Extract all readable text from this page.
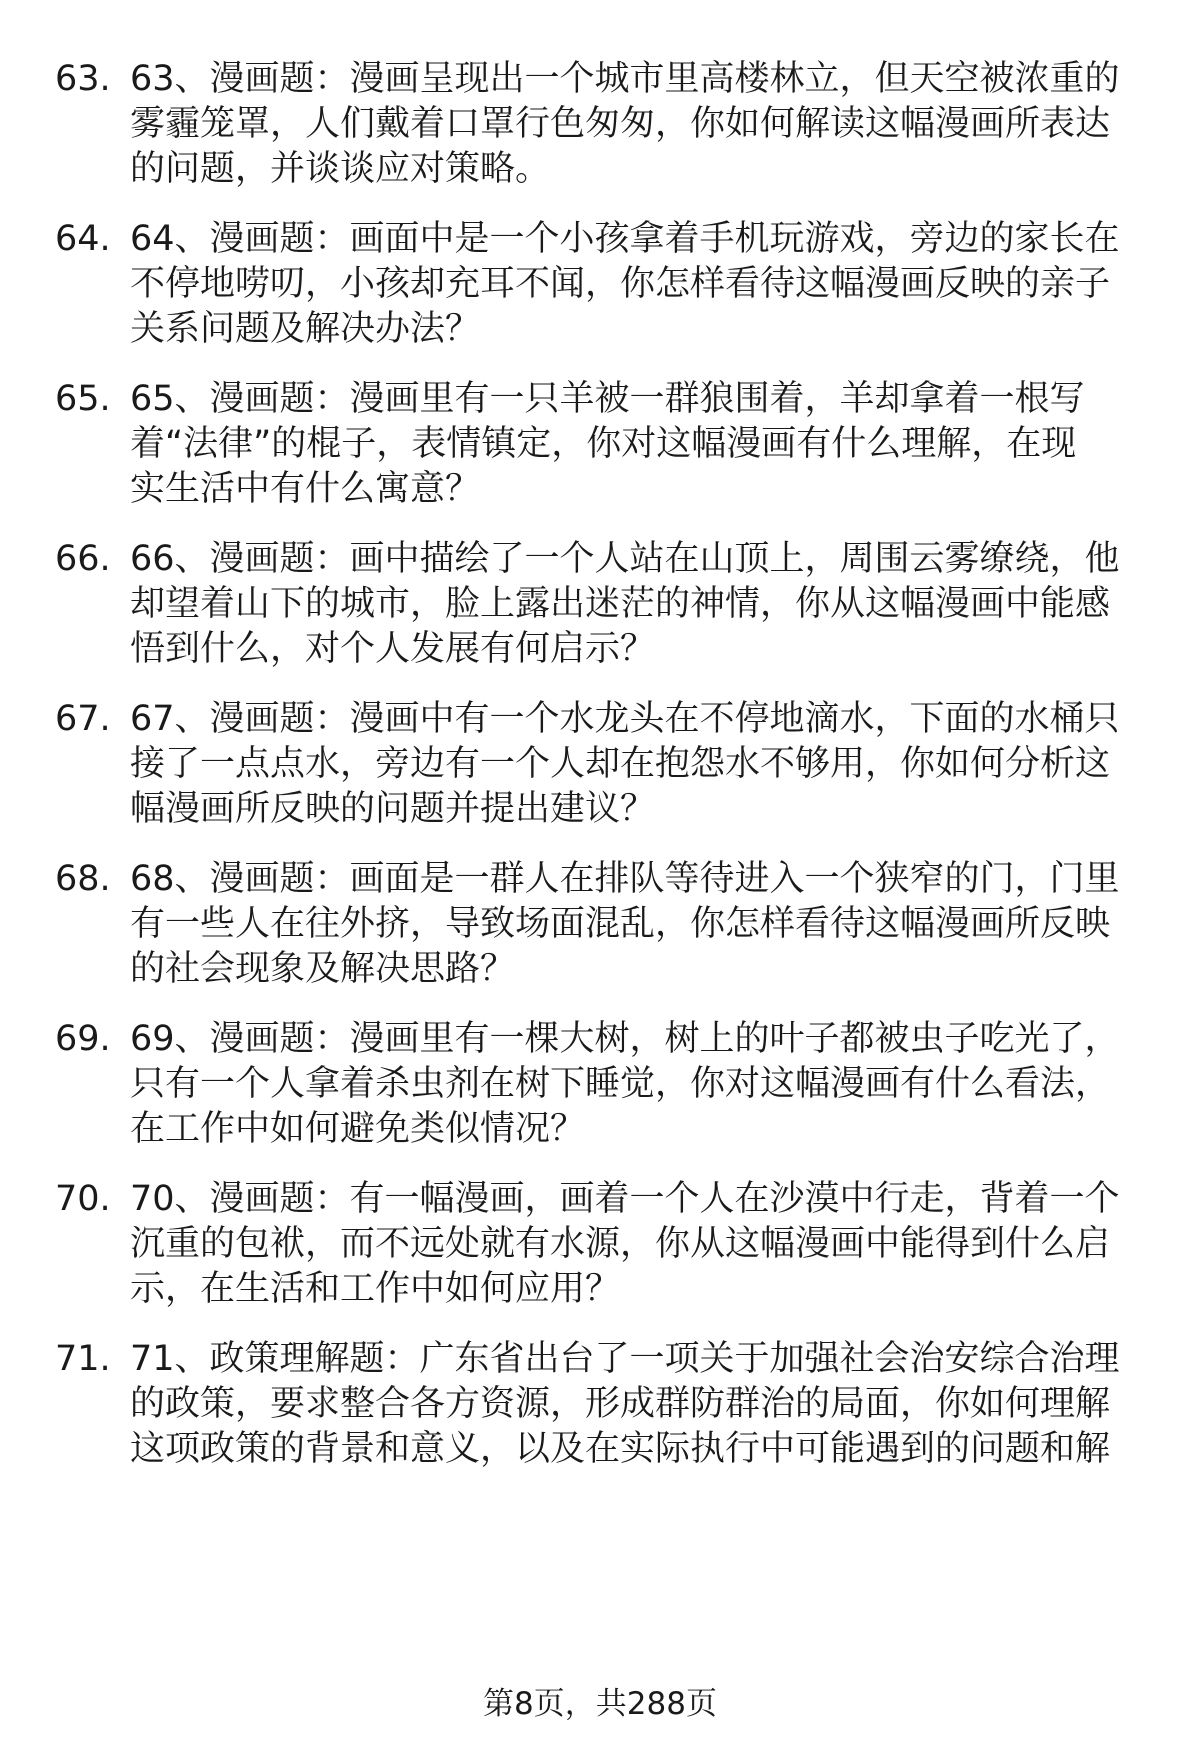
63. 63、漫画题：漫画呈现出一个城市里高楼林立，但天空被浓重的
雾霾笼罩，人们戴着口罩行色匆匆，你如何解读这幅漫画所表达
的问题，并谈谈应对策略。

64. 64、漫画题：画面中是一个小孩拿着手机玩游戏，旁边的家长在
不停地唠叨，小孩却充耳不闻，你怎样看待这幅漫画反映的亲子
关系问题及解决办法？

65. 65、漫画题：漫画里有一只羊被一群狼围着，羊却拿着一根写
着“法律”的棍子，表情镇定，你对这幅漫画有什么理解，在现
实生活中有什么寓意？

66. 66、漫画题：画中描绘了一个人站在山顶上，周围云雾缭绕，他
却望着山下的城市，脸上露出迷茫的神情，你从这幅漫画中能感
悟到什么，对个人发展有何启示？

67. 67、漫画题：漫画中有一个水龙头在不停地滴水，下面的水桶只
接了一点点水，旁边有一个人却在抱怨水不够用，你如何分析这
幅漫画所反映的问题并提出建议？

68. 68、漫画题：画面是一群人在排队等待进入一个狭窄的门，门里
有一些人在往外挤，导致场面混乱，你怎样看待这幅漫画所反映
的社会现象及解决思路？

69. 69、漫画题：漫画里有一棵大树，树上的叶子都被虫子吃光了，
只有一个人拿着杀虫剂在树下睡觉，你对这幅漫画有什么看法，
在工作中如何避免类似情况？

70. 70、漫画题：有一幅漫画，画着一个人在沙漠中行走，背着一个
沉重的包袱，而不远处就有水源，你从这幅漫画中能得到什么启
示，在生活和工作中如何应用？

71. 71、政策理解题：广东省出台了一项关于加强社会治安综合治理
的政策，要求整合各方资源，形成群防群治的局面，你如何理解
这项政策的背景和意义，以及在实际执行中可能遇到的问题和解

第8页，共288页
